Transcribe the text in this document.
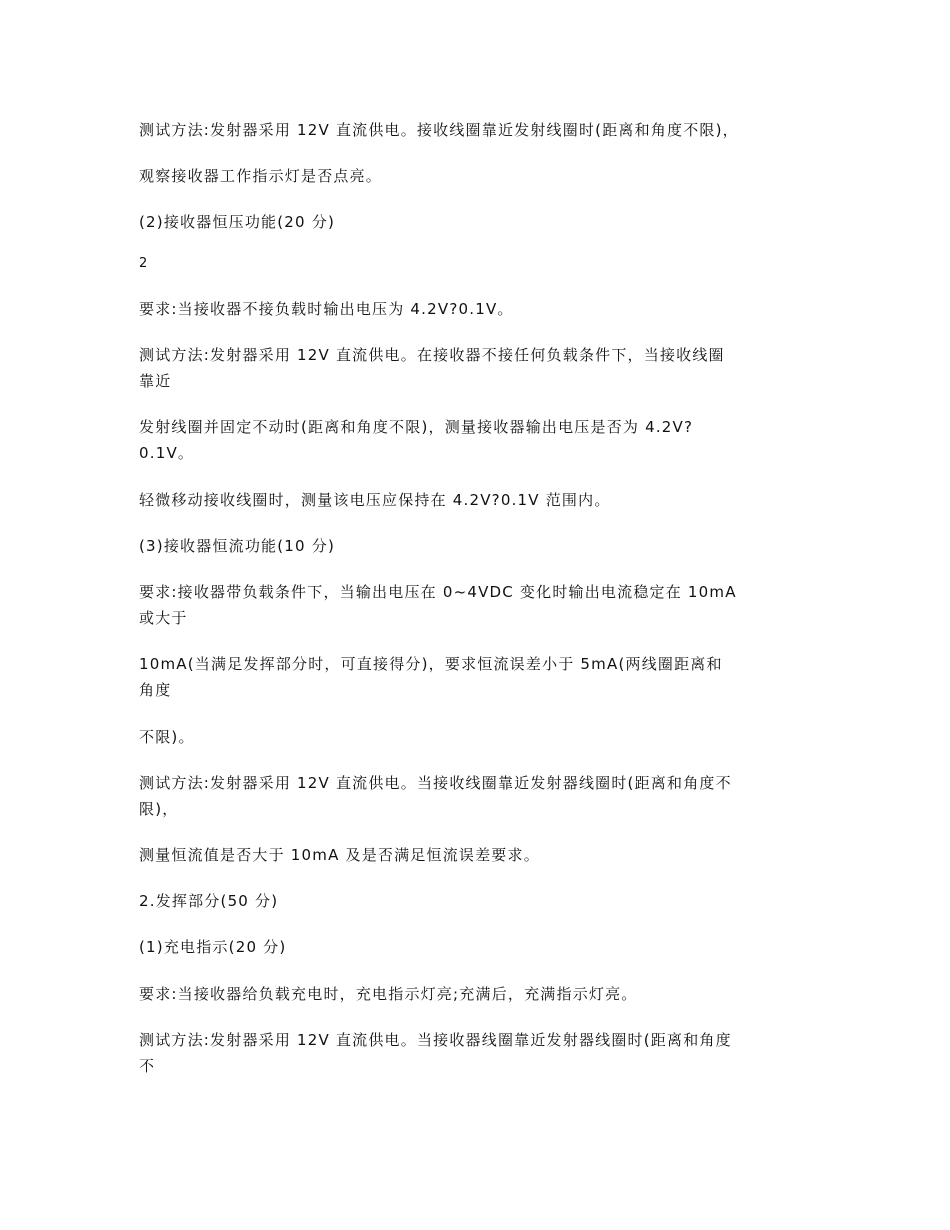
测试方法:发射器采用 12V 直流供电。接收线圈靠近发射线圈时(距离和角度不限)，

观察接收器工作指示灯是否点亮。

(2)接收器恒压功能(20 分)

2

要求:当接收器不接负载时输出电压为 4.2V?0.1V。

测试方法:发射器采用 12V 直流供电。在接收器不接任何负载条件下，当接收线圈

靠近

发射线圈并固定不动时(距离和角度不限)，测量接收器输出电压是否为 4.2V?

0.1V。

轻微移动接收线圈时，测量该电压应保持在 4.2V?0.1V 范围内。

(3)接收器恒流功能(10 分)

要求:接收器带负载条件下，当输出电压在 0~4VDC 变化时输出电流稳定在 10mA

或大于

10mA(当满足发挥部分时，可直接得分)，要求恒流误差小于 5mA(两线圈距离和

角度

不限)。

测试方法:发射器采用 12V 直流供电。当接收线圈靠近发射器线圈时(距离和角度不

限)，

测量恒流值是否大于 10mA 及是否满足恒流误差要求。

2.发挥部分(50 分)

(1)充电指示(20 分)

要求:当接收器给负载充电时，充电指示灯亮;充满后，充满指示灯亮。

测试方法:发射器采用 12V 直流供电。当接收器线圈靠近发射器线圈时(距离和角度

不
